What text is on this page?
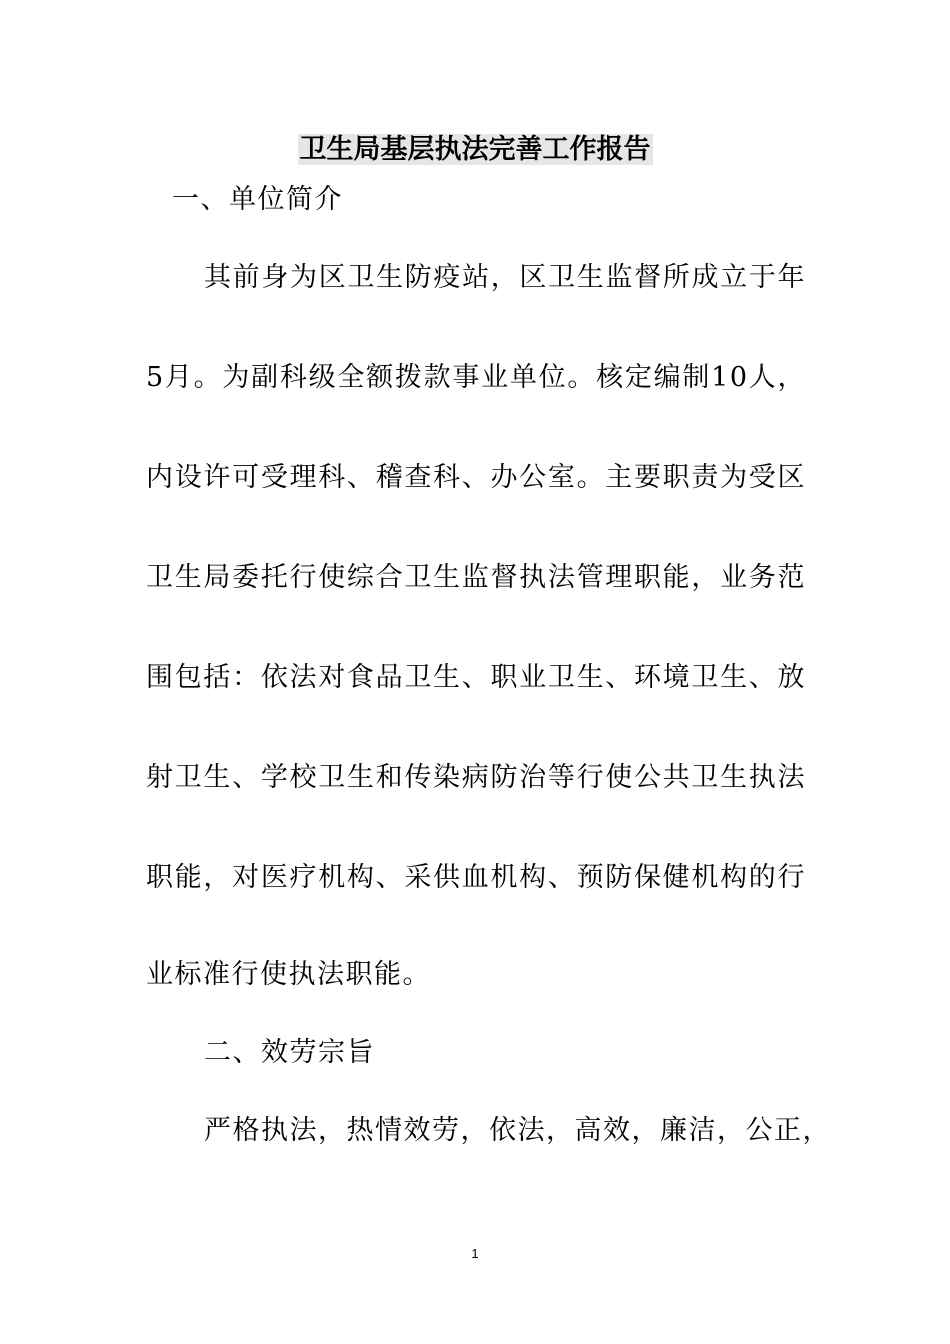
卫生局基层执法完善工作报告
一、单位简介
其前身为区卫生防疫站，区卫生监督所成立于年
5月。为副科级全额拨款事业单位。核定编制10人，
内设许可受理科、稽查科、办公室。主要职责为受区
卫生局委托行使综合卫生监督执法管理职能，业务范
围包括：依法对食品卫生、职业卫生、环境卫生、放
射卫生、学校卫生和传染病防治等行使公共卫生执法
职能，对医疗机构、采供血机构、预防保健机构的行
业标准行使执法职能。
二、效劳宗旨
严格执法，热情效劳，依法，高效，廉洁，公正，
1
